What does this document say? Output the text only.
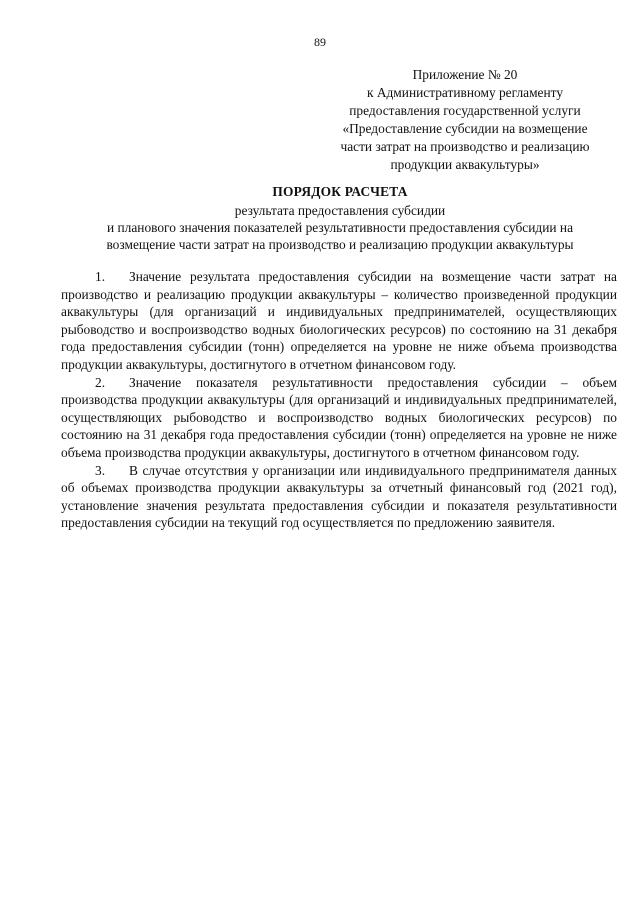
89
Приложение № 20
к Административному регламенту
предоставления государственной услуги
«Предоставление субсидии на возмещение
части затрат на производство и реализацию
продукции аквакультуры»
ПОРЯДОК РАСЧЕТА
результата предоставления субсидии
и планового значения показателей результативности предоставления субсидии на
возмещение части затрат на производство и реализацию продукции аквакультуры

1. Значение результата предоставления субсидии на возмещение части затрат на производство и реализацию продукции аквакультуры – количество произведенной продукции аквакультуры (для организаций и индивидуальных предпринимателей, осуществляющих рыбоводство и воспроизводство водных биологических ресурсов) по состоянию на 31 декабря года предоставления субсидии (тонн) определяется на уровне не ниже объема производства продукции аквакультуры, достигнутого в отчетном финансовом году.

2. Значение показателя результативности предоставления субсидии – объем производства продукции аквакультуры (для организаций и индивидуальных предпринимателей, осуществляющих рыбоводство и воспроизводство водных биологических ресурсов) по состоянию на 31 декабря года предоставления субсидии (тонн) определяется на уровне не ниже объема производства продукции аквакультуры, достигнутого в отчетном финансовом году.

3. В случае отсутствия у организации или индивидуального предпринимателя данных об объемах производства продукции аквакультуры за отчетный финансовый год (2021 год), установление значения результата предоставления субсидии и показателя результативности предоставления субсидии на текущий год осуществляется по предложению заявителя.
